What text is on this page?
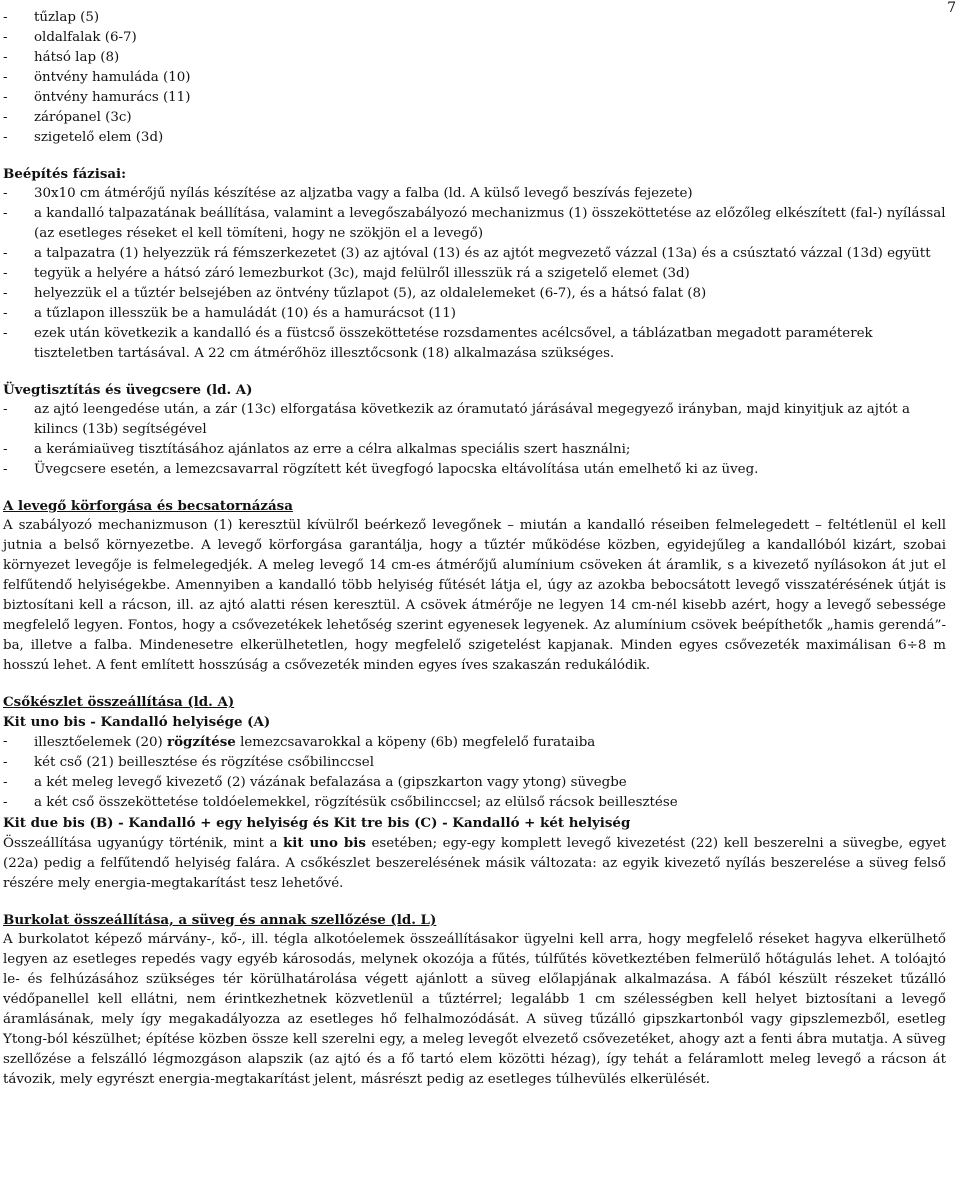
7
-	tűzlap (5)
-	oldalfalak (6-7)
-	hátsó lap (8)
-	öntvény hamuláda (10)
-	öntvény hamurács (11)
-	zárópanel (3c)
-	szigetelő elem (3d)
Beépítés fázisai:
-	30x10 cm átmérőjű nyílás készítése az aljzatba vagy a falba (ld. A külső levegő beszívás fejezete)
-	a kandalló talpazatának beállítása, valamint a levegőszabályozó mechanizmus (1) összeköttetése az előzőleg elkészített (fal-) nyílással (az esetleges réseket el kell tömíteni, hogy ne szökjön el a levegő)
-	a talpazatra (1) helyezzük rá fémszerkezetet (3) az ajtóval (13) és az ajtót megvezető vázzal (13a) és a csúsztató vázzal (13d) együtt
-	tegyük a helyére a hátsó záró lemezburkot (3c), majd felülről illesszük rá a szigetelő elemet (3d)
-	helyezzük el a tűztér belsejében az öntvény tűzlapot (5), az oldalelemeket (6-7), és a hátsó falat (8)
-	a tűzlapon illesszük be a hamuládát (10) és a hamurácsot (11)
-	ezek után következik a kandalló és a füstcső összeköttetése rozsdamentes acélcsővel, a táblázatban megadott paraméterek tiszteletben tartásával. A 22 cm átmérőhöz illesztőcsonk (18) alkalmazása szükséges.
Üvegtisztítás és üvegcsere (ld. A)
-	az ajtó leengedése után, a zár (13c) elforgatása következik az óramutató járásával megegyező irányban, majd kinyitjuk az ajtót a kilincs (13b) segítségével
-	a kerámiaüveg tisztításához ajánlatos az erre a célra alkalmas speciális szert használni;
-	Üvegcsere esetén, a lemezcsavarral rögzített két üvegfogó lapocska eltávolítása után emelhető ki az üveg.
A levegő körforgása és becsatornázása

A szabályozó mechanizmuson (1) keresztül kívülről beérkező levegőnek – miután a kandalló réseiben felmelegedett – feltétlenül el kell jutnia a belső környezetbe. A levegő körforgása garantálja, hogy a tűztér működése közben, egyidejűleg a kandallóból kizárt, szobai környezet levegője is felmelegedjék. A meleg levegő 14 cm-es átmérőjű alumínium csöveken át áramlik, s a kivezető nyílásokon át jut el felfűtendő helyiségekbe. Amennyiben a kandalló több helyiség fűtését látja el, úgy az azokba bebocsátott levegő visszatérésének útját is biztosítani kell a rácson, ill. az ajtó alatti résen keresztül. A csövek átmérője ne legyen 14 cm-nél kisebb azért, hogy a levegő sebessége megfelelő legyen. Fontos, hogy a csővezetékek lehetőség szerint egyenesek legyenek. Az alumínium csövek beépíthetők „hamis gerendá”-ba, illetve a falba. Mindenesetre elkerülhetetlen, hogy megfelelő szigetelést kapjanak. Minden egyes csővezeték maximálisan 6÷8 m hosszú lehet. A fent említett hosszúság a csővezeték minden egyes íves szakaszán redukálódik.

Csőkészlet összeállítása (ld. A)
Kit uno bis - Kandalló helyisége (A)
-	illesztőelemek (20) rögzítése lemezcsavarokkal a köpeny (6b) megfelelő furataiba
-	két cső (21) beillesztése és rögzítése csőbilinccsel
-	a két meleg levegő kivezető (2) vázának befalazása a (gipszkarton vagy ytong) süvegbe
-	a két cső összeköttetése toldóelemekkel, rögzítésük csőbilinccsel; az elülső rácsok beillesztése
Kit due bis (B) - Kandalló + egy helyiség és Kit tre bis (C) - Kandalló + két helyiség

Összeállítása ugyanúgy történik, mint a kit uno bis esetében; egy-egy komplett levegő kivezetést (22) kell beszerelni a süvegbe, egyet (22a) pedig a felfűtendő helyiség falára. A csőkészlet beszerelésének másik változata: az egyik kivezető nyílás beszerelése a süveg felső részére mely energia-megtakarítást tesz lehetővé.

Burkolat összeállítása, a süveg és annak szellőzése (ld. L)

A burkolatot képező márvány-, kő-, ill. tégla alkotóelemek összeállításakor ügyelni kell arra, hogy megfelelő réseket hagyva elkerülhető legyen az esetleges repedés vagy egyéb károsodás, melynek okozója a fűtés, túlfűtés következtében felmerülő hőtágulás lehet. A tolóajtó le- és felhúzásához szükséges tér körülhatárolása végett ajánlott a süveg előlapjának alkalmazása. A fából készült részeket tűzálló védőpanellel kell ellátni, nem érintkezhetnek közvetlenül a tűztérrel; legalább 1 cm szélességben kell helyet biztosítani a levegő áramlásának, mely így megakadályozza az esetleges hő felhalmozódását. A süveg tűzálló gipszkartonból vagy gipszlemezből, esetleg Ytong-ból készülhet; építése közben össze kell szerelni egy, a meleg levegőt elvezető csővezetéket, ahogy azt a fenti ábra mutatja. A süveg szellőzése a felszálló légmozgáson alapszik (az ajtó és a fő tartó elem közötti hézag), így tehát a feláramlott meleg levegő a rácson át távozik, mely egyrészt energia-megtakarítást jelent, másrészt pedig az esetleges túlhevülés elkerülését.
